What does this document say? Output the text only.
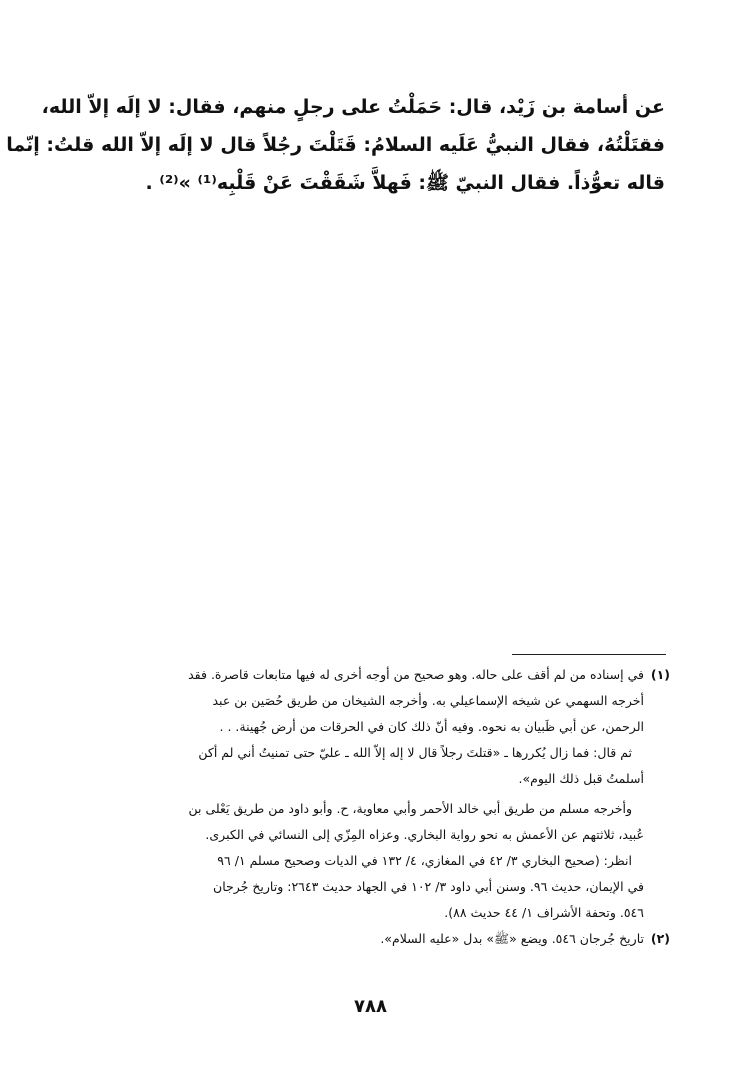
عن أسامة بن زَيْد، قال: حَمَلْتُ على رجلٍ منهم، فقال: لا إلَه إلاّ الله،
فقتَلْتُهُ، فقال النبيُّ عَلَيه السلامُ: قَتَلْتَ رجُلاً قال لا إلَه إلاّ الله قلتُ: إنّما
قاله تعوُّذاً. فقال النبيّ ﷺ: فَهلاَّ شَقَقْتَ عَنْ قَلْبِه⁽¹⁾ »⁽²⁾ .
(١)
في إسناده من لم أقف على حاله. وهو صحيح من أوجه أخرى له فيها متابعات قاصرة. فقد
أخرجه السهمي عن شيخه الإسماعيلي به. وأخرجه الشيخان من طريق حُصَين بن عبد
الرحمن، عن أبي ظَبيان به نحوه. وفيه أنّ ذلك كان في الحرقات من أرض جُهينة. . .
ثم قال: فما زال يُكررها ـ «قتلتَ رجلاً قال لا إله إلاّ الله ـ عليّ حتى تمنيتُ أني لم أكن
أسلمتُ قبل ذلك اليوم».
وأخرجه مسلم من طريق أبي خالد الأحمر وأبي معاوية، ح. وأبو داود من طريق يَعْلى بن
عُبيد، ثلاثتهم عن الأعمش به نحو رواية البخاري. وعزاه المِزّي إلى النسائي في الكبرى.
انظر: (صحيح البخاري ٣/ ٤٢ في المغازي، ٤/ ١٣٢ في الديات وصحيح مسلم ١/ ٩٦
في الإيمان، حديث ٩٦. وسنن أبي داود ٣/ ١٠٢ في الجهاد حديث ٢٦٤٣: وتاريخ جُرجان
٥٤٦. وتحفة الأشراف ١/ ٤٤ حديث ٨٨).
(٢)
تاريخ جُرجان ٥٤٦. ويضع «ﷺ» بدل «عليه السلام».
٧٨٨
